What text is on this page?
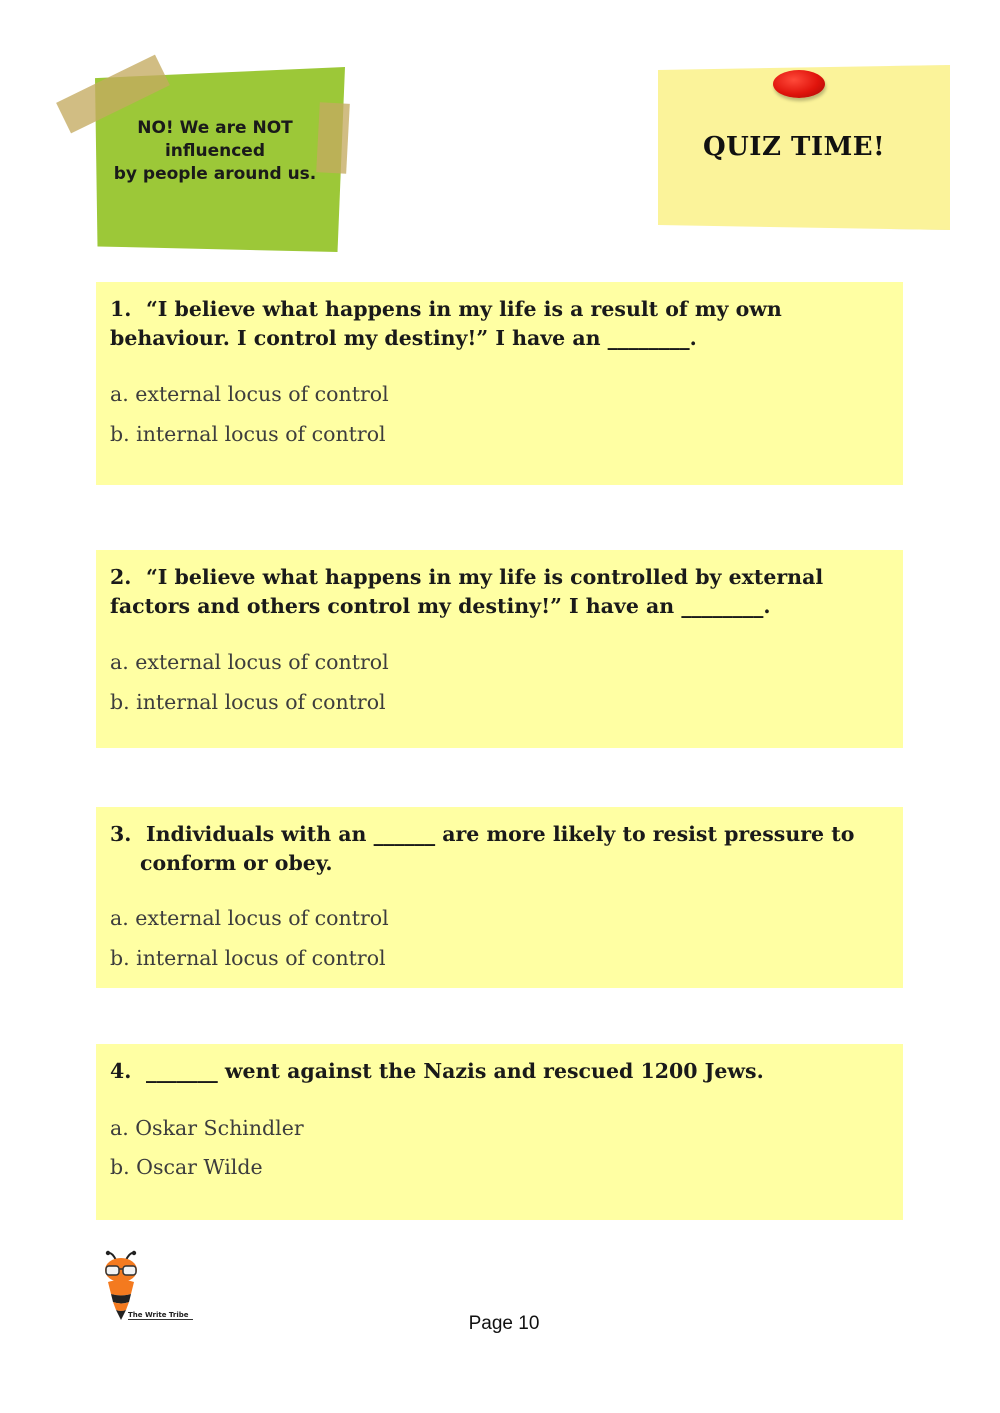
NO! We are NOT
influenced
by people around us.
QUIZ TIME!
1. “I believe what happens in my life is a result of my own
behaviour. I control my destiny!” I have an ________.
a. external locus of control
b. internal locus of control
2. “I believe what happens in my life is controlled by external
factors and others control my destiny!” I have an ________.
a. external locus of control
b. internal locus of control
3. Individuals with an ______ are more likely to resist pressure to
conform or obey.
a. external locus of control
b. internal locus of control
4. _______ went against the Nazis and rescued 1200 Jews.
a. Oskar Schindler
b. Oscar Wilde
The Write Tribe	Page 10
